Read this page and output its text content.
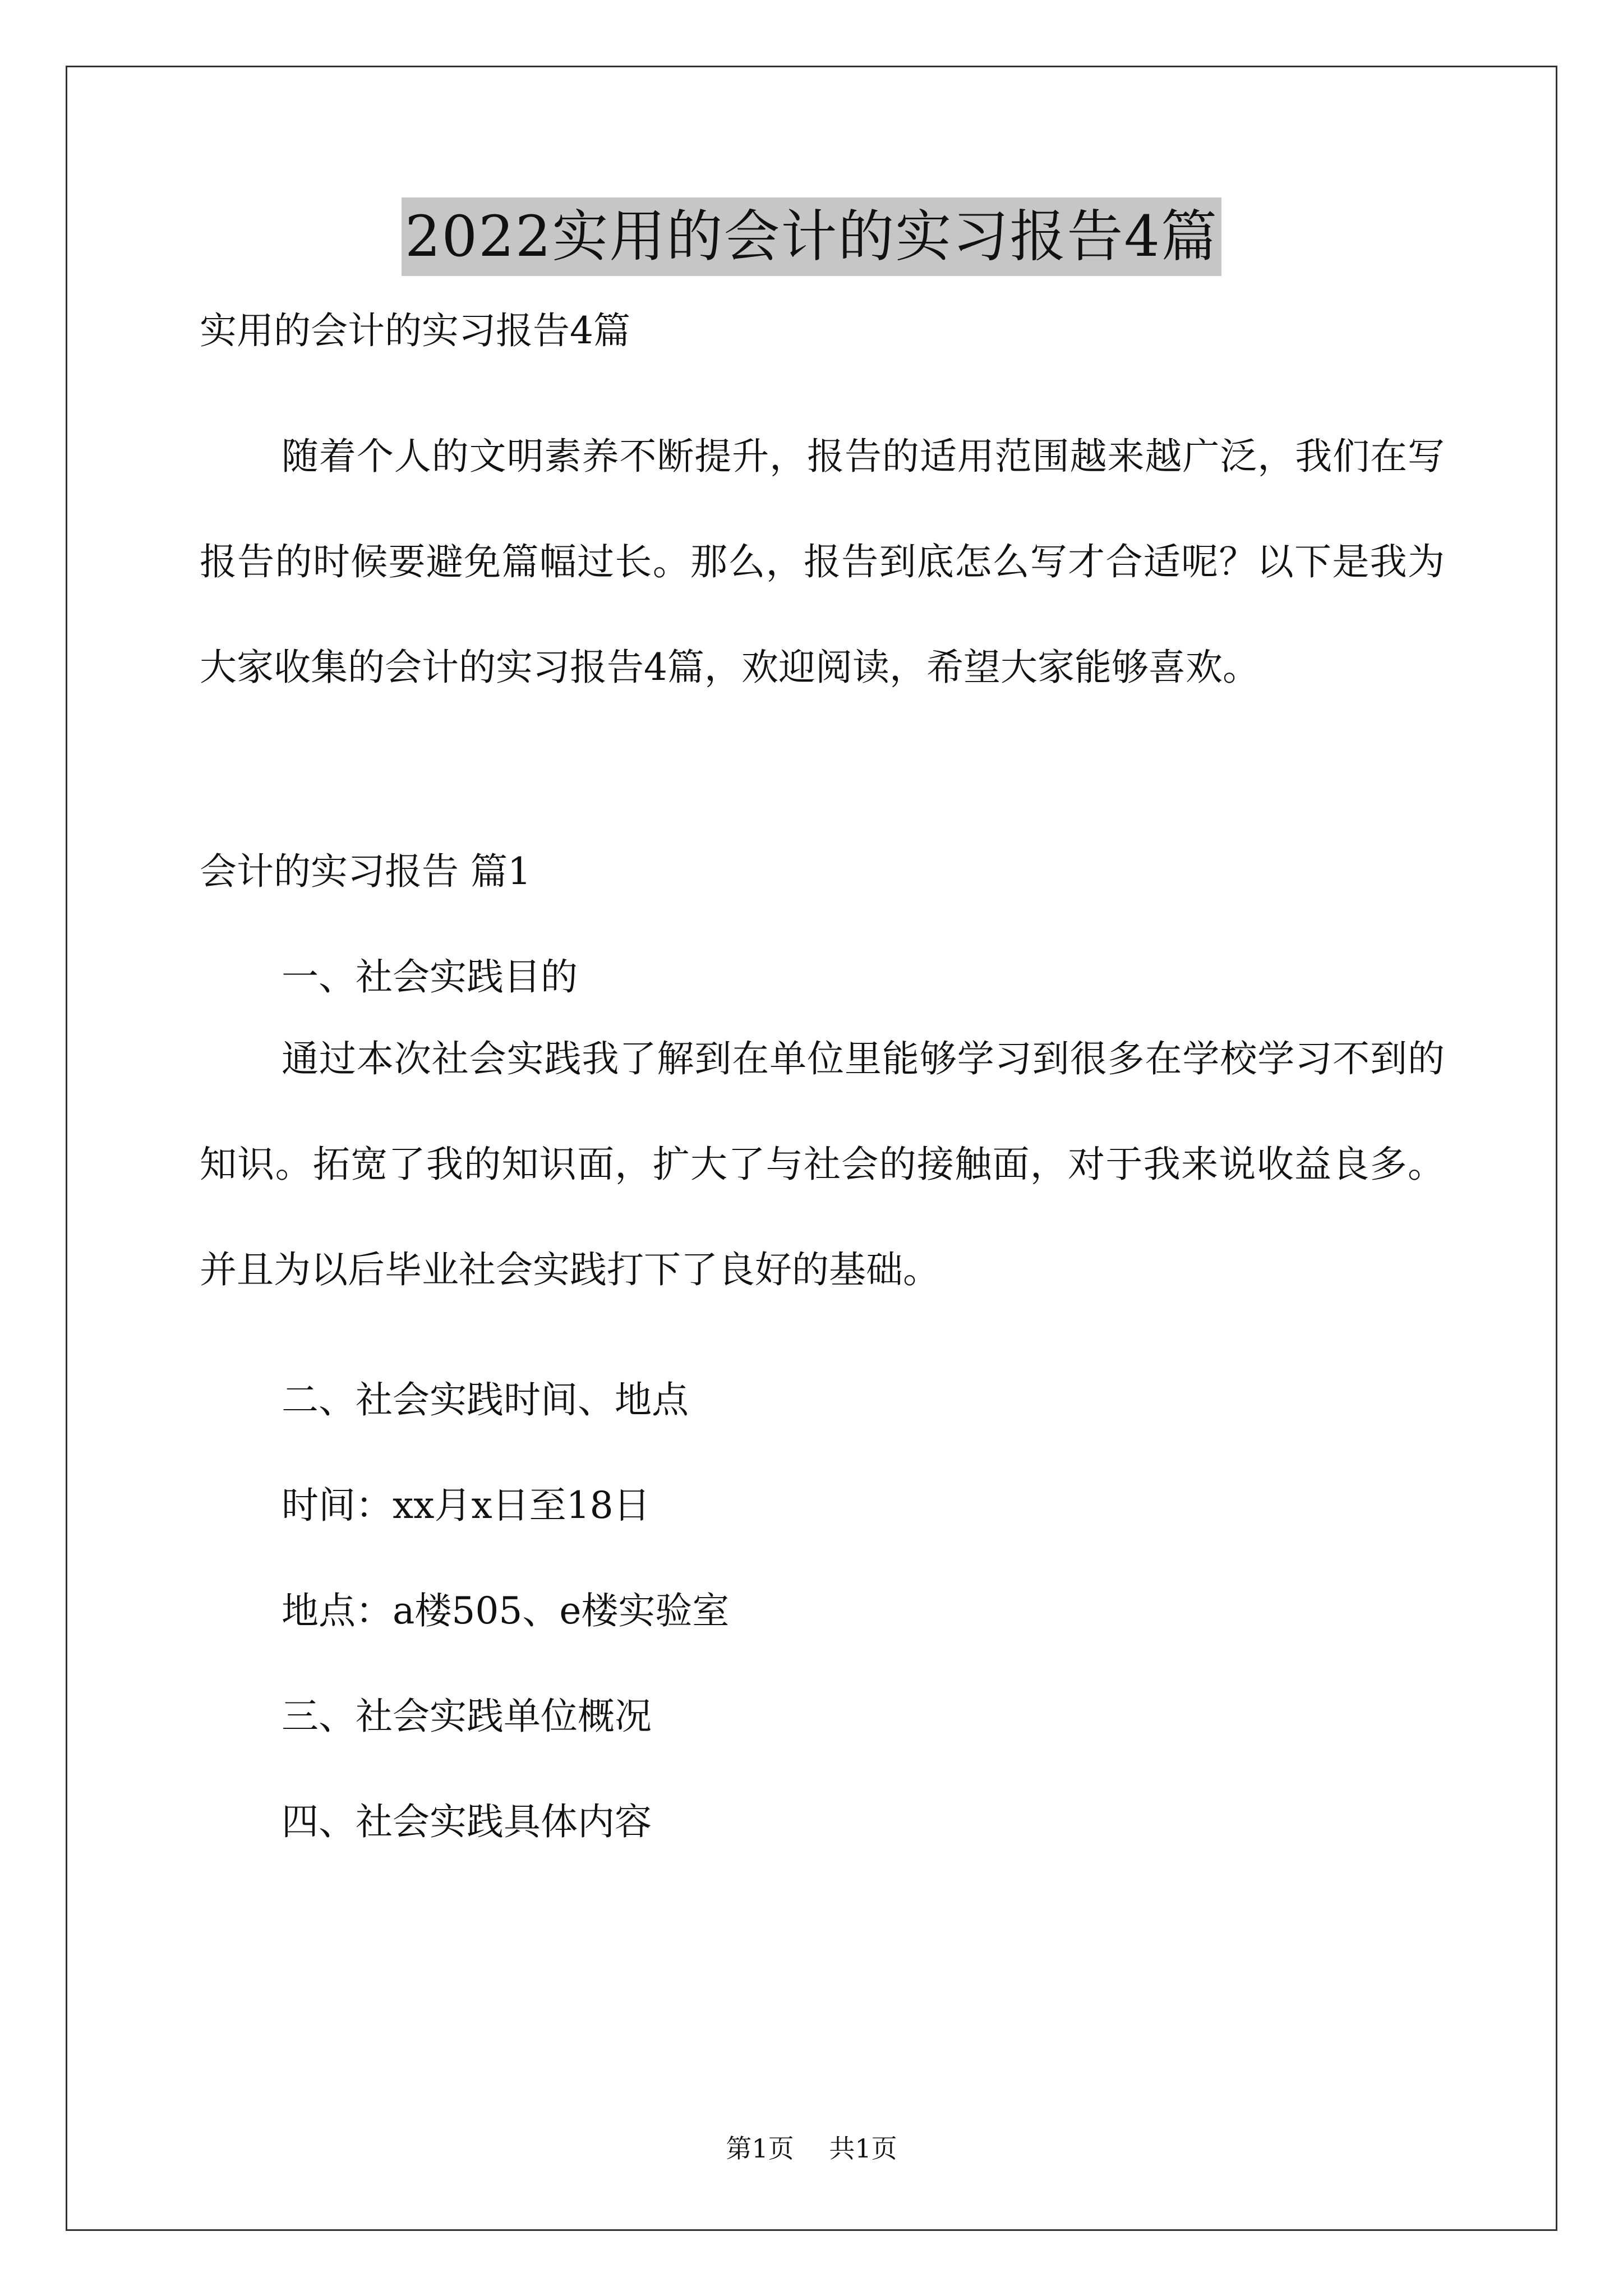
2022实用的会计的实习报告4篇

实用的会计的实习报告4篇

随着个人的文明素养不断提升，报告的适用范围越来越广泛，我们在写报告的时候要避免篇幅过长。那么，报告到底怎么写才合适呢？以下是我为大家收集的会计的实习报告4篇，欢迎阅读，希望大家能够喜欢。

会计的实习报告 篇1

一、社会实践目的

通过本次社会实践我了解到在单位里能够学习到很多在学校学习不到的知识。拓宽了我的知识面，扩大了与社会的接触面，对于我来说收益良多。并且为以后毕业社会实践打下了良好的基础。

二、社会实践时间、地点

时间：xx月x日至18日

地点：a楼505、e楼实验室

三、社会实践单位概况

四、社会实践具体内容

第1页 共1页
